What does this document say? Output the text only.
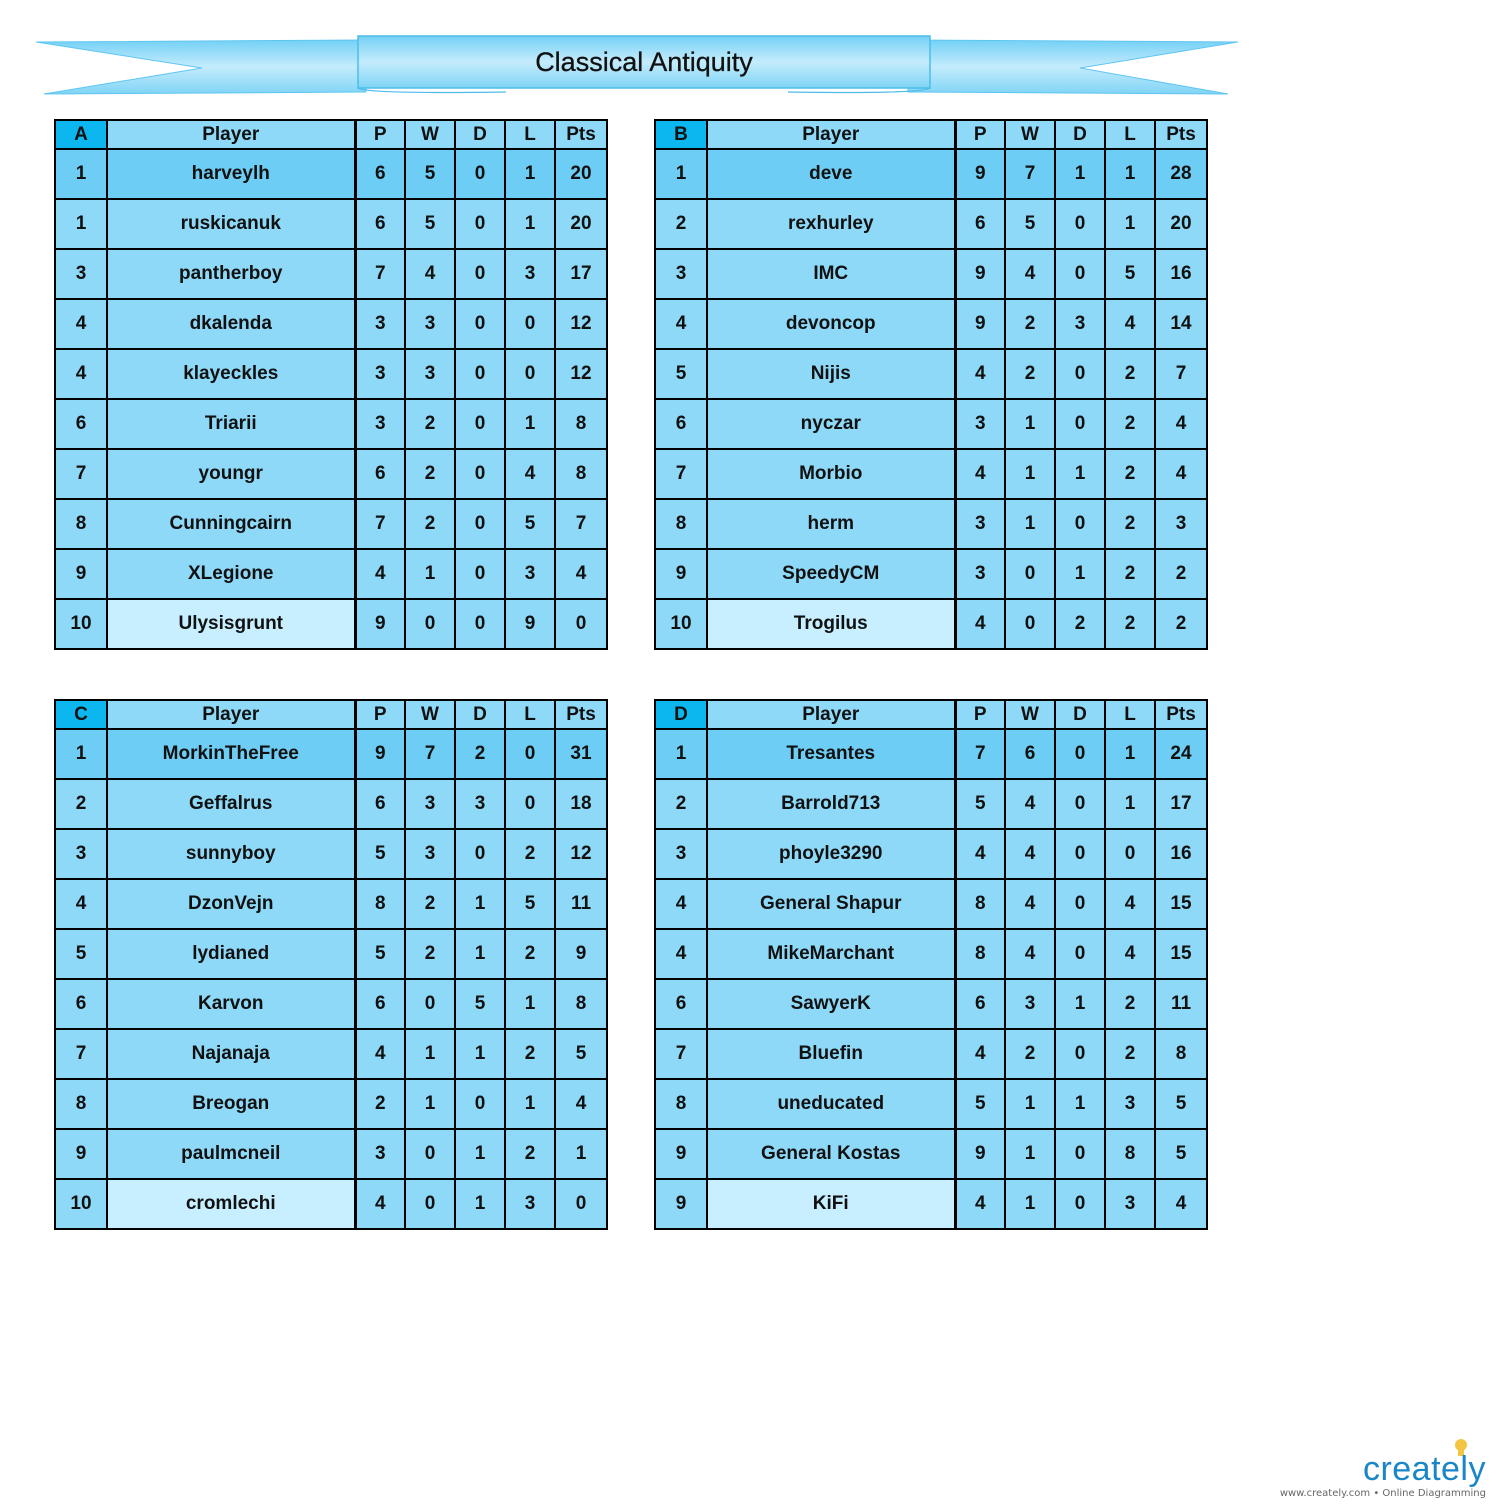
Classical Antiquity
A	Player	P	W	D	L	Pts
1	harveylh	6	5	0	1	20
1	ruskicanuk	6	5	0	1	20
3	pantherboy	7	4	0	3	17
4	dkalenda	3	3	0	0	12
4	klayeckles	3	3	0	0	12
6	Triarii	3	2	0	1	8
7	youngr	6	2	0	4	8
8	Cunningcairn	7	2	0	5	7
9	XLegione	4	1	0	3	4
10	Ulysisgrunt	9	0	0	9	0
B	Player	P	W	D	L	Pts
1	deve	9	7	1	1	28
2	rexhurley	6	5	0	1	20
3	IMC	9	4	0	5	16
4	devoncop	9	2	3	4	14
5	Nijis	4	2	0	2	7
6	nyczar	3	1	0	2	4
7	Morbio	4	1	1	2	4
8	herm	3	1	0	2	3
9	SpeedyCM	3	0	1	2	2
10	Trogilus	4	0	2	2	2
C	Player	P	W	D	L	Pts
1	MorkinTheFree	9	7	2	0	31
2	Geffalrus	6	3	3	0	18
3	sunnyboy	5	3	0	2	12
4	DzonVejn	8	2	1	5	11
5	lydianed	5	2	1	2	9
6	Karvon	6	0	5	1	8
7	Najanaja	4	1	1	2	5
8	Breogan	2	1	0	1	4
9	paulmcneil	3	0	1	2	1
10	cromlechi	4	0	1	3	0
D	Player	P	W	D	L	Pts
1	Tresantes	7	6	0	1	24
2	Barrold713	5	4	0	1	17
3	phoyle3290	4	4	0	0	16
4	General Shapur	8	4	0	4	15
4	MikeMarchant	8	4	0	4	15
6	SawyerK	6	3	1	2	11
7	Bluefin	4	2	0	2	8
8	uneducated	5	1	1	3	5
9	General Kostas	9	1	0	8	5
9	KiFi	4	1	0	3	4
creately
www.creately.com • Online Diagramming
